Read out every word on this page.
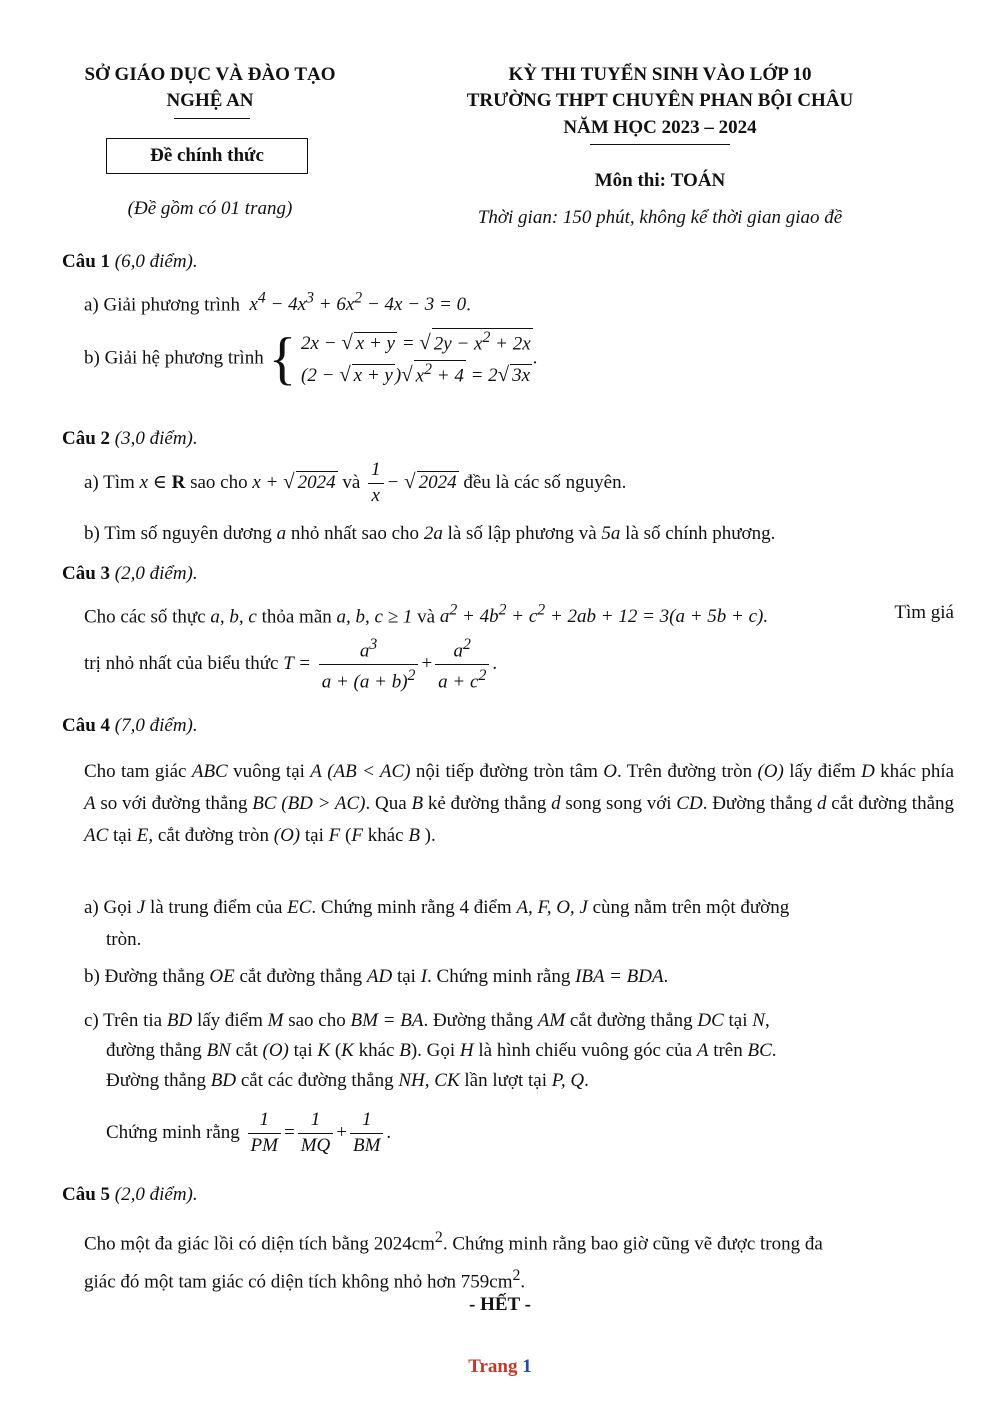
SỞ GIÁO DỤC VÀ ĐÀO TẠO
NGHỆ AN
Đề chính thức
(Đề gồm có 01 trang)
KỲ THI TUYỂN SINH VÀO LỚP 10
TRƯỜNG THPT CHUYÊN PHAN BỘI CHÂU
NĂM HỌC 2023 – 2024
Môn thi: TOÁN
Thời gian: 150 phút, không kể thời gian giao đề
Câu 1 (6,0 điểm).
a) Giải phương trình  $x^4 - 4x^3 + 6x^2 - 4x - 3 = 0$.
b) Giải hệ phương trình { 2x − √ x + y = √ $2y - x^2 + 2x$
(2 − √ x + y )√ $x^2 + 4 = 2√$ 3x
.
Câu 2 (3,0 điểm).
a) Tìm x ∈ R sao cho x + √ 2024 và $\frac{1}{x}$ − √ 2024 đều là các số nguyên.
b) Tìm số nguyên dương a nhỏ nhất sao cho 2a là số lập phương và 5a là số chính phương.
Câu 3 (2,0 điểm).
Cho các số thực a, b, c thỏa mãn a, b, c ≥ 1 và $a^2 + 4b^2 + c^2 + 2ab + 12 = 3(a + 5b + c)$.	Tìm giá
trị nhỏ nhất của biểu thức $T = \frac{a^3}{a + (a + b)^2} + \frac{a^2}{a + c^2}$ .
Câu 4 (7,0 điểm).
Cho tam giác ABC vuông tại A (AB < AC) nội tiếp đường tròn tâm O. Trên đường tròn (O) lấy điểm D khác phía A so với đường thẳng BC (BD > AC). Qua B kẻ đường thẳng d song song với CD. Đường thẳng d cắt đường thẳng AC tại E, cắt đường tròn (O) tại F (F khác B ).
a) Gọi J là trung điểm của EC. Chứng minh rằng 4 điểm A, F, O, J cùng nằm trên một đường
tròn.
b) Đường thẳng OE cắt đường thẳng AD tại I. Chứng minh rằng IBA = BDA.
c) Trên tia BD lấy điểm M sao cho BM = BA. Đường thẳng AM cắt đường thẳng DC tại N,
đường thẳng BN cắt (O) tại K (K khác B). Gọi H là hình chiếu vuông góc của A trên BC.
Đường thẳng BD cắt các đường thẳng NH, CK lần lượt tại P, Q.
Chứng minh rằng $\frac{1}{PM} = \frac{1}{MQ} + \frac{1}{BM}$ .
Câu 5 (2,0 điểm).
Cho một đa giác lồi có diện tích bằng $2024cm^2$. Chứng minh rằng bao giờ cũng vẽ được trong đa
giác đó một tam giác có diện tích không nhỏ hơn $759cm^2$.
- HẾT -
Trang 1
